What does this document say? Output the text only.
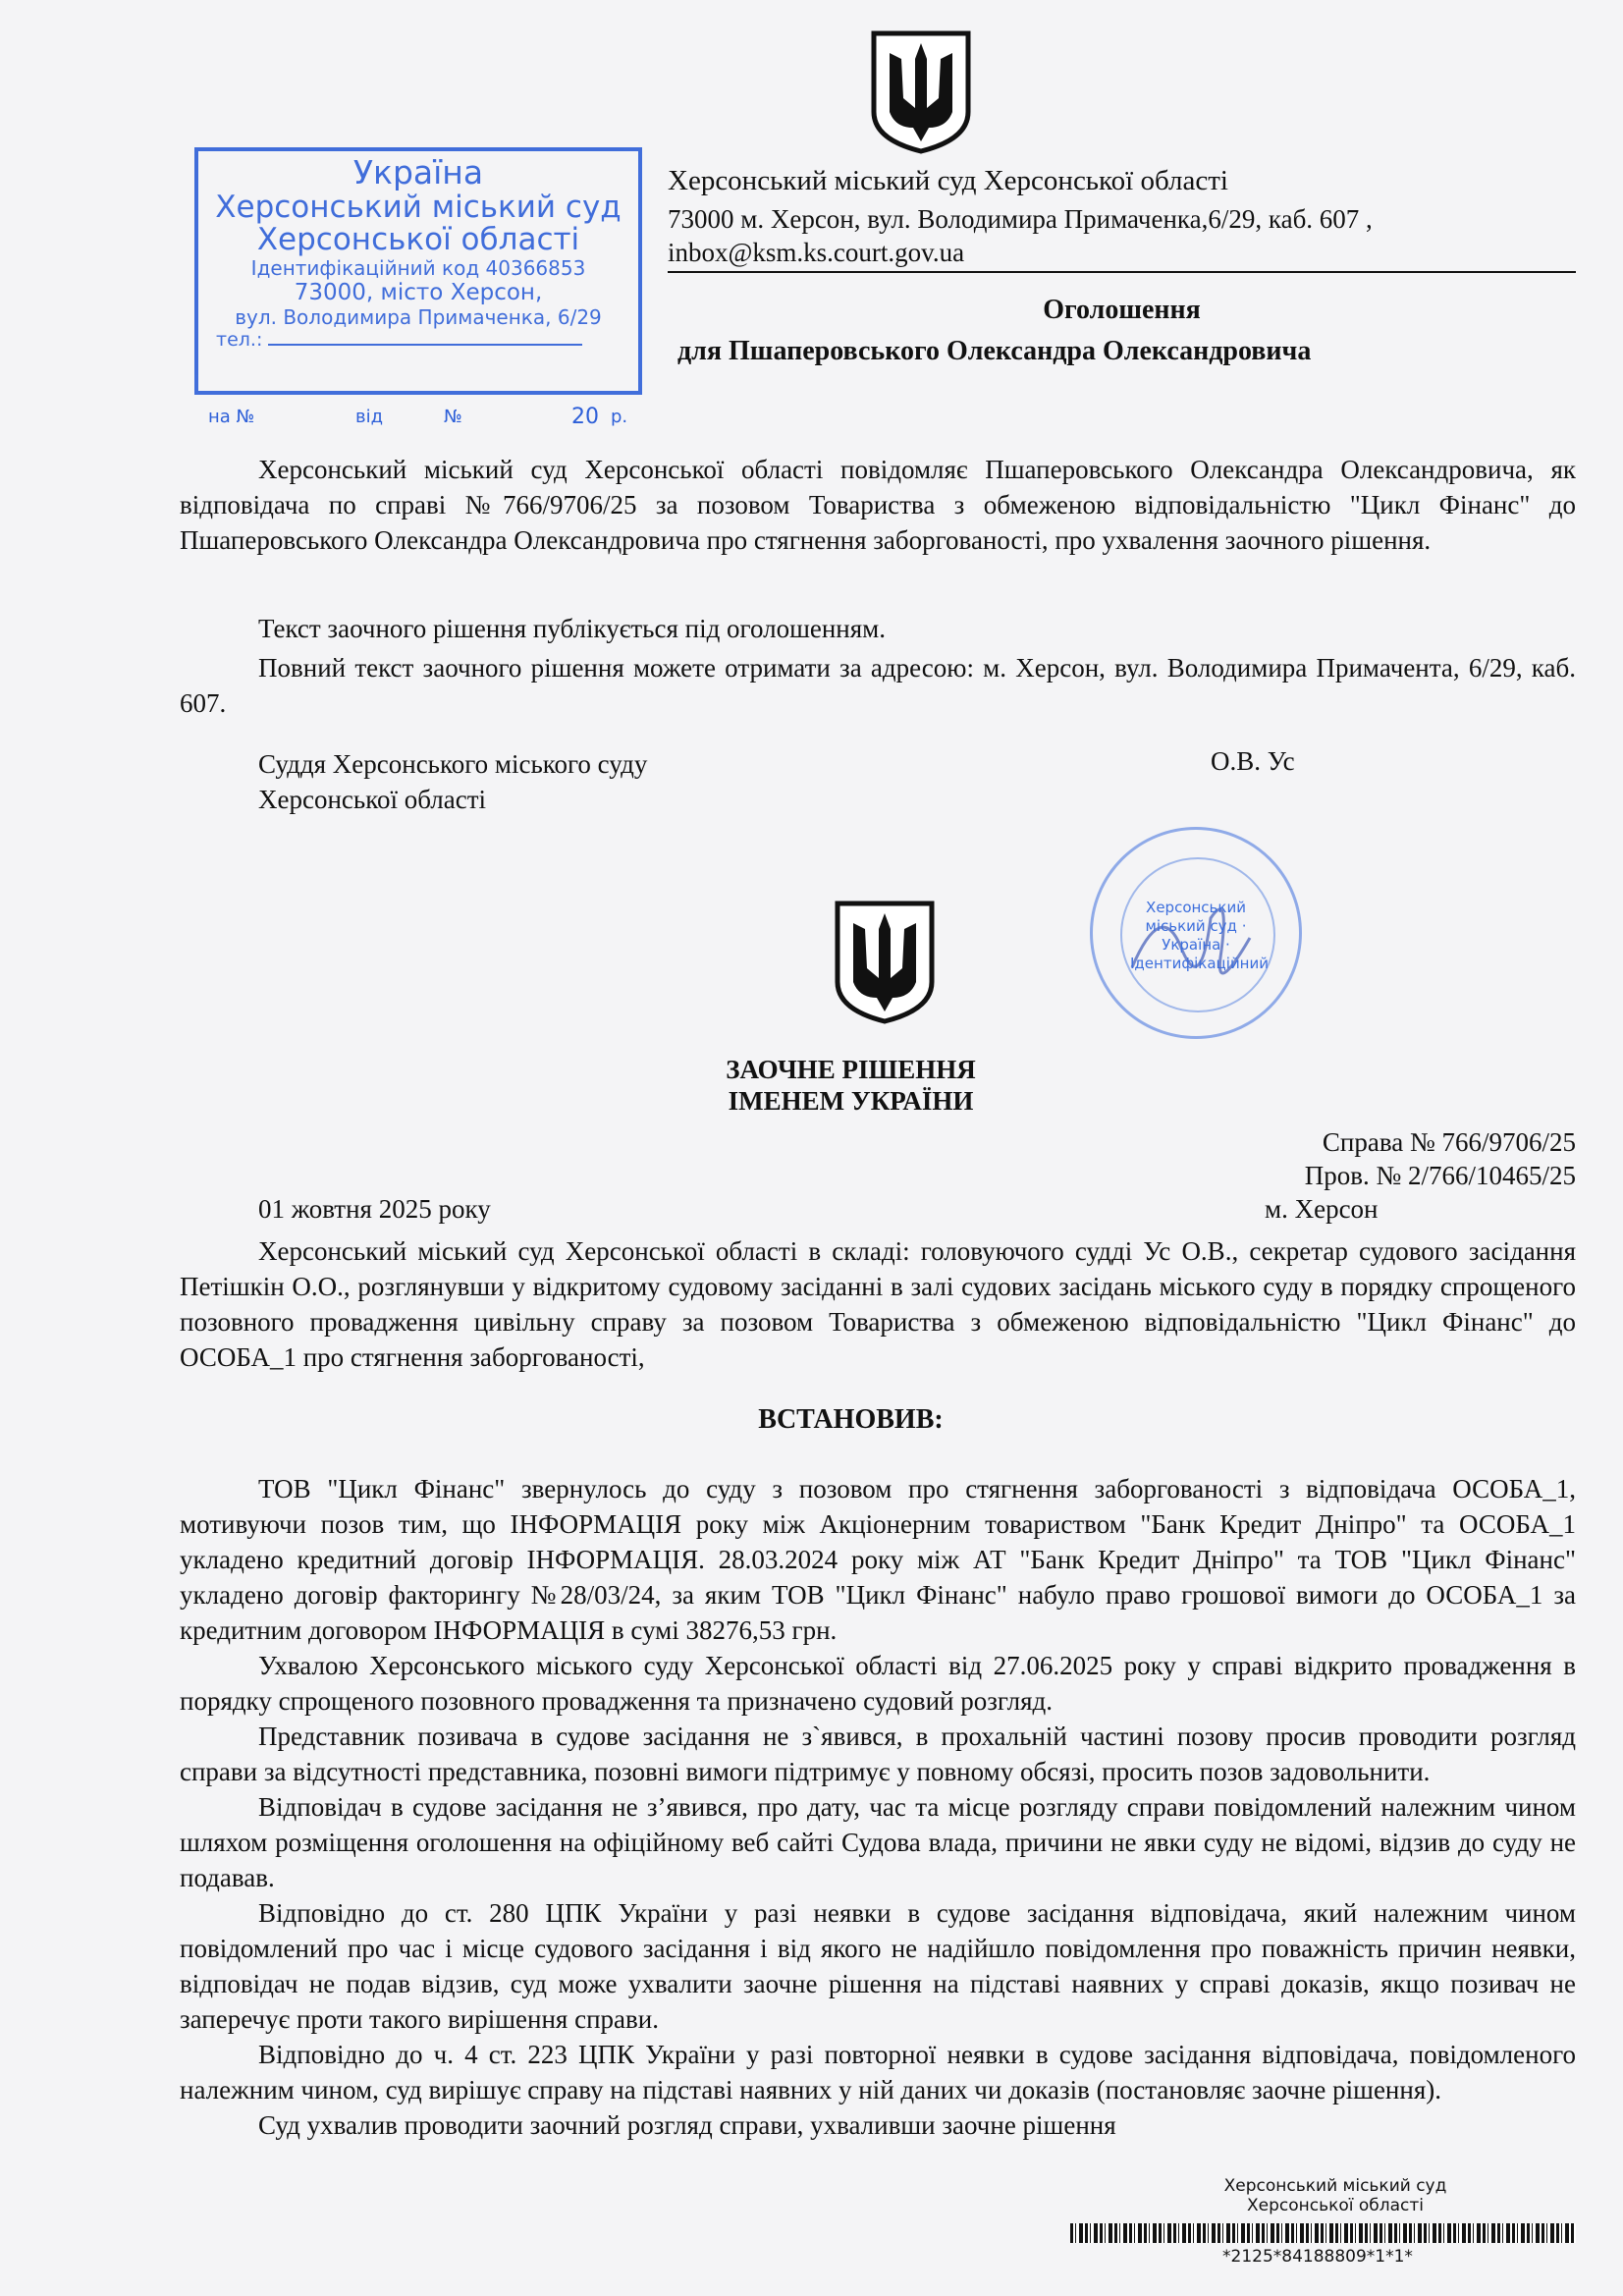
Херсонський міський суд Херсонської області
73000 м. Херсон, вул. Володимира Примаченка,6/29, каб. 607 , inbox@ksm.ks.court.gov.ua
Україна
Херсонський міський суд
Херсонської області
Ідентифікаційний код 40366853
73000, місто Херсон,
вул. Володимира Примаченка, 6/29
тел.:
на №	від	№	20 р.
Оголошення
для Пшаперовського Олександра Олександровича
Херсонський міський суд Херсонської області повідомляє Пшаперовського Олександра Олександровича, як відповідача по справі №766/9706/25 за позовом Товариства з обмеженою відповідальністю "Цикл Фінанс" до Пшаперовського Олександра Олександровича про стягнення заборгованості, про ухвалення заочного рішення.
Текст заочного рішення публікується під оголошенням.
Повний текст заочного рішення можете отримати за адресою: м. Херсон, вул. Володимира Примачента, 6/29, каб. 607.
Суддя Херсонського міського суду
Херсонської області
О.В. Ус
Херсонський міський суд · Україна · Ідентифікаційний
ЗАОЧНЕ РІШЕННЯ
ІМЕНЕМ УКРАЇНИ
Справа № 766/9706/25
Пров. № 2/766/10465/25
01 жовтня 2025 року	м. Херсон
Херсонський міський суд Херсонської області в складі: головуючого судді Ус О.В., секретар судового засідання Петішкін О.О., розглянувши у відкритому судовому засіданні в залі судових засідань міського суду в порядку спрощеного позовного провадження цивільну справу за позовом Товариства з обмеженою відповідальністю "Цикл Фінанс" до ОСОБА_1 про стягнення заборгованості,
ВСТАНОВИВ:
ТОВ "Цикл Фінанс" звернулось до суду з позовом про стягнення заборгованості з відповідача ОСОБА_1, мотивуючи позов тим, що ІНФОРМАЦІЯ року між Акціонерним товариством "Банк Кредит Дніпро" та ОСОБА_1 укладено кредитний договір ІНФОРМАЦІЯ. 28.03.2024 року між АТ "Банк Кредит Дніпро" та ТОВ "Цикл Фінанс" укладено договір факторингу №28/03/24, за яким ТОВ "Цикл Фінанс" набуло право грошової вимоги до ОСОБА_1 за кредитним договором ІНФОРМАЦІЯ в сумі 38276,53 грн.
Ухвалою Херсонського міського суду Херсонської області від 27.06.2025 року у справі відкрито провадження в порядку спрощеного позовного провадження та призначено судовий розгляд.
Представник позивача в судове засідання не з`явився, в прохальній частині позову просив проводити розгляд справи за відсутності представника, позовні вимоги підтримує у повному обсязі, просить позов задовольнити.
Відповідач в судове засідання не з’явився, про дату, час та місце розгляду справи повідомлений належним чином шляхом розміщення оголошення на офіційному веб сайті Судова влада, причини не явки суду не відомі, відзив до суду не подавав.
Відповідно до ст. 280 ЦПК України у разі неявки в судове засідання відповідача, який належним чином повідомлений про час і місце судового засідання і від якого не надійшло повідомлення про поважність причин неявки, відповідач не подав відзив, суд може ухвалити заочне рішення на підставі наявних у справі доказів, якщо позивач не заперечує проти такого вирішення справи.
Відповідно до ч. 4 ст. 223 ЦПК України у разі повторної неявки в судове засідання відповідача, повідомленого належним чином, суд вирішує справу на підставі наявних у ній даних чи доказів (постановляє заочне рішення).
Суд ухвалив проводити заочний розгляд справи, ухваливши заочне рішення
Херсонський міський суд
Херсонської області
*2125*84188809*1*1*
